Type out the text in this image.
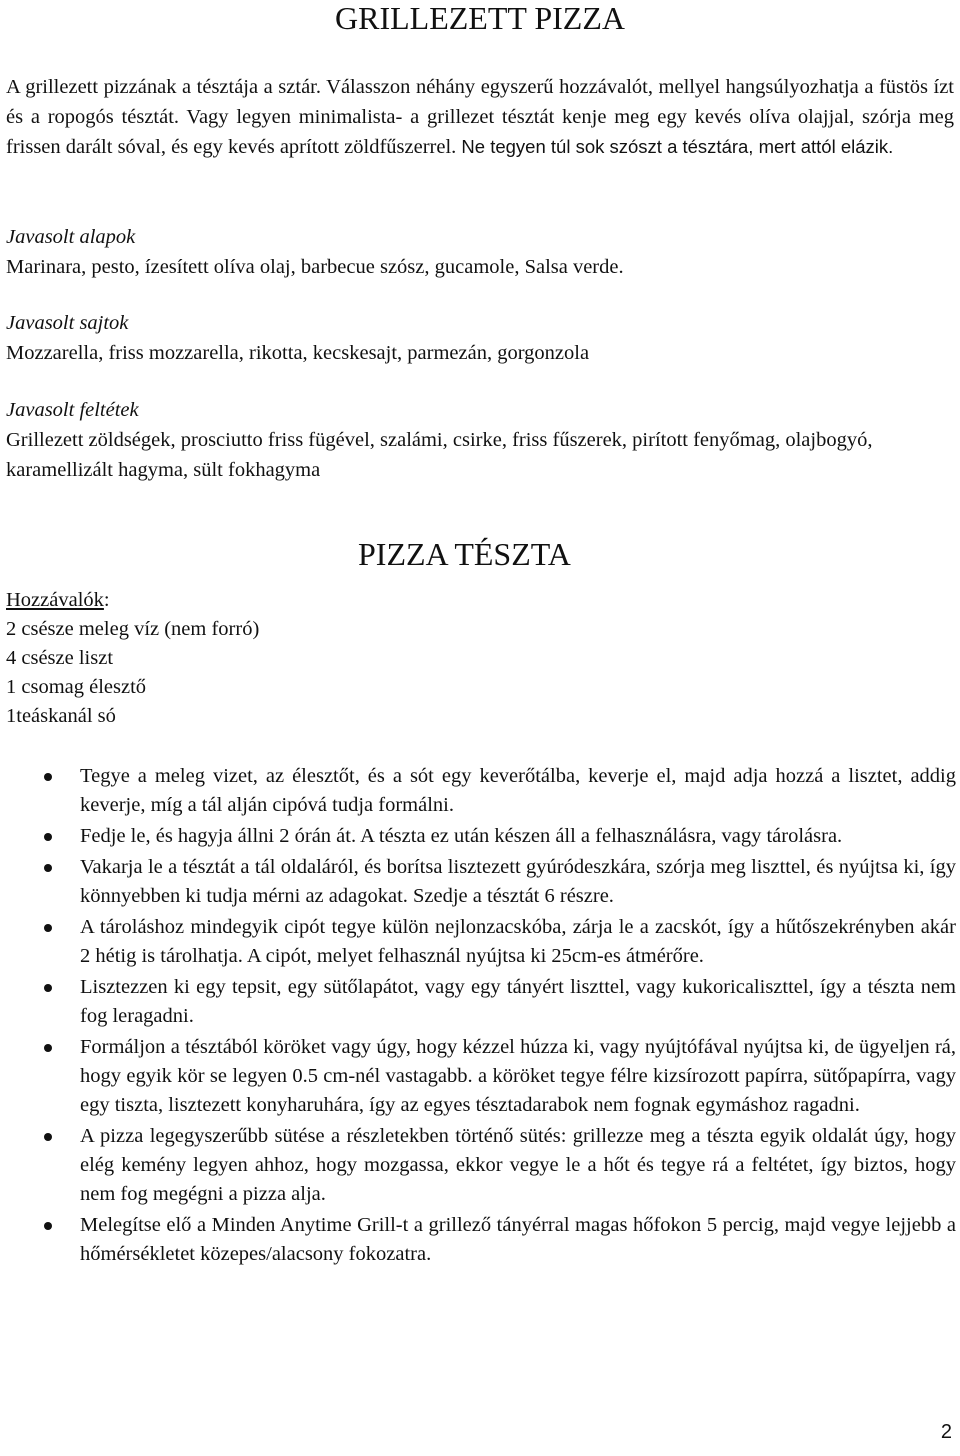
GRILLEZETT PIZZA

A grillezett pizzának a tésztája a sztár. Válasszon néhány egyszerű hozzávalót, mellyel hangsúlyozhatja a füstös ízt és a ropogós tésztát. Vagy legyen minimalista- a grillezet tésztát kenje meg egy kevés olíva olajjal, szórja meg frissen darált sóval, és egy kevés aprított zöldfűszerrel. Ne tegyen túl sok szószt a tésztára, mert attól elázik.

Javasolt alapok

Marinara, pesto, ízesített olíva olaj, barbecue szósz, gucamole, Salsa verde.

Javasolt sajtok

Mozzarella, friss mozzarella, rikotta, kecskesajt, parmezán, gorgonzola

Javasolt feltétek

Grillezett zöldségek, prosciutto friss fügével, szalámi, csirke, friss fűszerek, pirított fenyőmag, olajbogyó, karamellizált hagyma, sült fokhagyma

PIZZA TÉSZTA
Hozzávalók:
2 csésze meleg víz (nem forró)
4 csésze liszt
1 csomag élesztő
1teáskanál só
Tegye a meleg vizet, az élesztőt, és a sót egy keverőtálba, keverje el, majd adja hozzá a lisztet, addig keverje, míg a tál alján cipóvá tudja formálni.
Fedje le, és hagyja állni 2 órán át. A tészta ez után készen áll a felhasználásra, vagy tárolásra.
Vakarja le a tésztát a tál oldaláról, és borítsa lisztezett gyúródeszkára, szórja meg liszttel, és nyújtsa ki, így könnyebben ki tudja mérni az adagokat. Szedje a tésztát 6 részre.
A tároláshoz mindegyik cipót tegye külön nejlonzacskóba, zárja le a zacskót, így a hűtőszekrényben akár 2 hétig is tárolhatja. A cipót, melyet felhasznál nyújtsa ki 25cm-es átmérőre.
Lisztezzen ki egy tepsit, egy sütőlapátot, vagy egy tányért liszttel, vagy kukoricaliszttel, így a tészta nem fog leragadni.
Formáljon a tésztából köröket vagy úgy, hogy kézzel húzza ki, vagy nyújtófával nyújtsa ki, de ügyeljen rá, hogy egyik kör se legyen 0.5 cm-nél vastagabb. a köröket tegye félre kizsírozott papírra, sütőpapírra, vagy egy tiszta, lisztezett konyharuhára, így az egyes tésztadarabok nem fognak egymáshoz ragadni.
A pizza legegyszerűbb sütése a részletekben történő sütés: grillezze meg a tészta egyik oldalát úgy, hogy elég kemény legyen ahhoz, hogy mozgassa, ekkor vegye le a hőt és tegye rá a feltétet, így biztos, hogy nem fog megégni a pizza alja.
Melegítse elő a Minden Anytime Grill-t a grillező tányérral magas hőfokon 5 percig, majd vegye lejjebb a hőmérsékletet közepes/alacsony fokozatra.
2
